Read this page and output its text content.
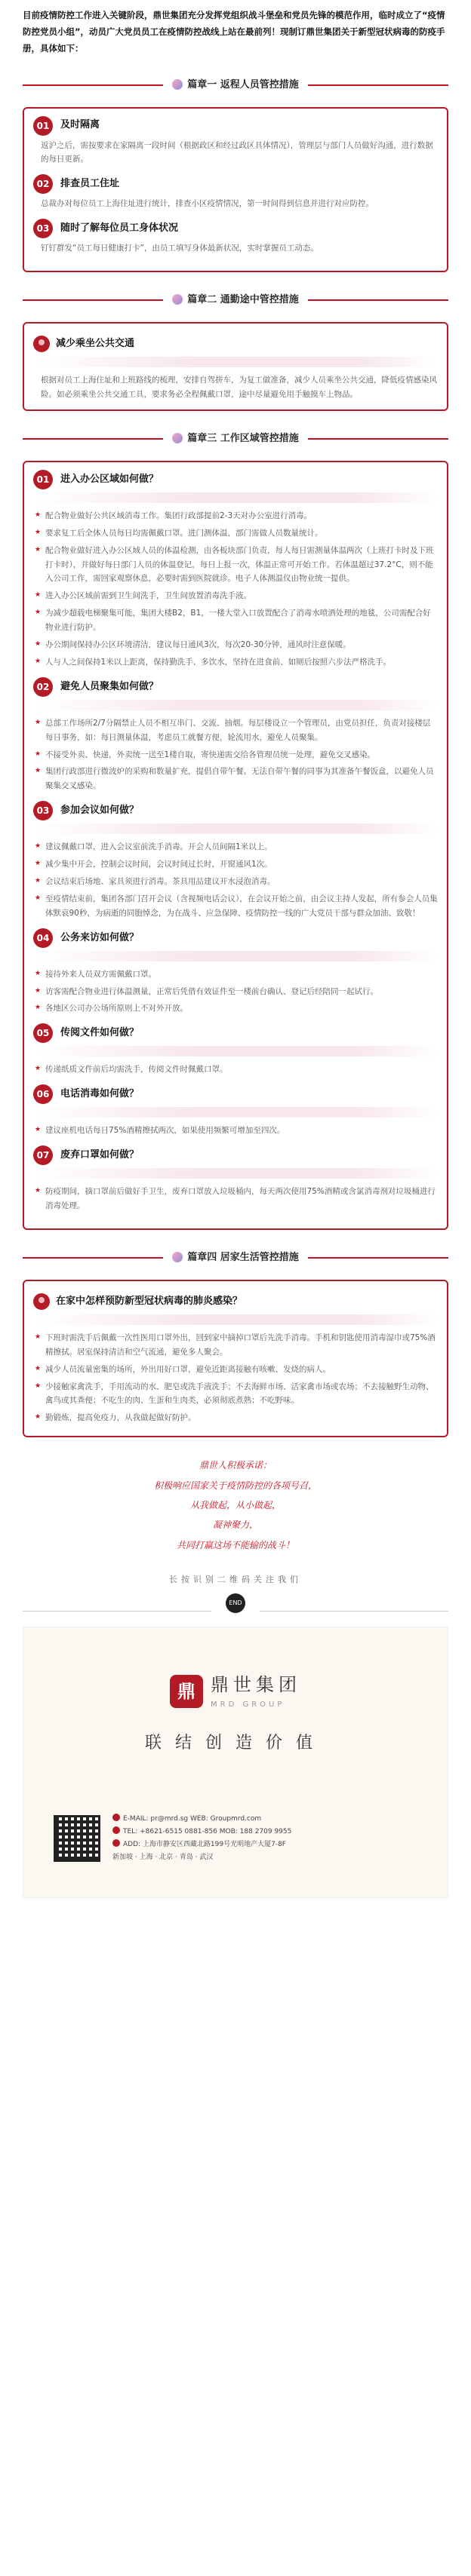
目前疫情防控工作进入关键阶段，鼎世集团充分发挥党组织战斗堡垒和党员先锋的模范作用，临时成立了“疫情防控党员小组”，动员广大党员员工在疫情防控战线上站在最前列！现制订鼎世集团关于新型冠状病毒的防疫手册，具体如下：

篇章一 返程人员管控措施
01	及时隔离
返沪之后，需按要求在家隔离一段时间（根据政区和经过政区具体情况），管理层与部门人员做好沟通，进行数据的每日更新。
02	排查员工住址
总裁办对每位员工上海住址进行统计，排查小区疫情情况，第一时间得到信息并进行对应防控。
03	随时了解每位员工身体状况
钉钉群发“员工每日健康打卡”，由员工填写身体最新状况，实时掌握员工动态。
篇章二 通勤途中管控措施
减少乘坐公共交通
根据对员工上海住址和上班路线的梳理，安排自驾拼车，为复工做准备，减少人员乘坐公共交通，降低疫情感染风险。如必须乘坐公共交通工具，要求务必全程佩戴口罩，途中尽量避免用手触摸车上物品。
篇章三 工作区域管控措施
01	进入办公区域如何做？

★ 配合物业做好公共区域消毒工作。集团行政部提前2-3天对办公室进行消毒。

★ 要求复工后全体人员每日均需佩戴口罩。进门测体温，部门需做人员数量统计。

★ 配合物业做好进入办公区域人员的体温检测，由各板块部门负责，每人每日需测量体温两次（上班打卡时及下班打卡时），并做好每日部门人员的体温登记，每日上报一次，体温正常可开始工作。若体温超过37.2°C，则不能入公司工作，需回家观察休息，必要时需到医院就诊。电子人体测温仪由物业统一提供。

★ 进入办公区域前需到卫生间洗手，卫生间放置消毒洗手液。

★ 为减少超载电梯聚集可能，集团大楼B2，B1，一楼大堂入口放置配合了消毒水喷洒处理的地毯，公司需配合好物业进行防护。

★ 办公期间保持办公区环境清洁，建议每日通风3次，每次20-30分钟，通风时注意保暖。

★ 人与人之间保持1米以上距离，保持勤洗手、多饮水，坚持在进食前、如厕后按照六步法严格洗手。

02	避免人员聚集如何做？

★ 总部工作场所2/7分隔禁止人员不相互串门、交流、抽烟。每层楼设立一个管理员，由党员担任，负责对接楼层每日事务，如：每日测量体温，考虑员工就餐方便，轮流用水，避免人员聚集。

★ 不接受外卖、快递，外卖统一送至1楼自取，寄快递需交给各管理员统一处理，避免交叉感染。

★ 集团行政部进行微波炉的采购和数量扩充，提倡自带午餐。无法自带午餐的同事为其准备午餐饭盒，以避免人员聚集交叉感染。

03	参加会议如何做？

★ 建议佩戴口罩，进入会议室前洗手消毒。开会人员间隔1米以上。

★ 减少集中开会，控制会议时间，会议时间过长时，开窗通风1次。

★ 会议结束后场地、家具须进行消毒。茶具用品建议开水浸泡消毒。

★ 至疫情结束前，集团各部门召开会议（含视频电话会议），在会议开始之前，由会议主持人发起，所有参会人员集体默哀90秒，为病逝的同胞悼念，为在战斗、应急保障、疫情防控一线的广大党员干部与群众加油、致敬！

04	公务来访如何做？

★ 接待外来人员双方需佩戴口罩。

★ 访客需配合物业进行体温测量，正常后凭借有效证件至一楼前台确认、登记后经陪同一起试行。

★ 各地区公司办公场所原则上不对外开放。

05	传阅文件如何做？

★ 传递纸质文件前后均需洗手，传阅文件时佩戴口罩。

06	电话消毒如何做？

★ 建议座机电话每日75%酒精擦拭两次，如果使用频繁可增加至四次。

07	废弃口罩如何做？

★ 防疫期间，摘口罩前后做好手卫生，废弃口罩放入垃圾桶内，每天两次使用75%酒精或含氯消毒剂对垃圾桶进行消毒处理。

篇章四 居家生活管控措施
在家中怎样预防新型冠状病毒的肺炎感染？

★ 下班时需洗手后佩戴一次性医用口罩外出，回到家中摘掉口罩后先洗手消毒。手机和钥匙使用消毒湿巾或75%酒精擦拭。居室保持清洁和空气流通，避免多人聚会。

★ 减少人员流量密集的场所，外出用好口罩，避免近距离接触有咳嗽、发烧的病人。

★ 少接触家禽洗手，手用流动的水、肥皂或洗手液洗手；不去海鲜市场、活家禽市场或农场；不去接触野生动物、禽鸟或其粪便；不吃生的肉、生蛋和生肉类，必须彻底煮熟；不吃野味。

★ 勤锻炼，提高免疫力，从我做起做好防护。

鼎世人积极承诺：
积极响应国家关于疫情防控的各项号召，
从我做起，从小做起，
凝神聚力，
共同打赢这场不能输的战斗！
长按识别二维码关注我们
END
鼎 鼎世集团
MRD GROUP
联结创造价值
E-MAIL: pr@mrd.sg WEB: Groupmrd.com
TEL: +8621-6515 0881-856 MOB: 188 2709 9955
ADD: 上海市静安区西藏北路199号光明地产大厦7-8F
新加坡 · 上海 · 北京 · 青岛 · 武汉
